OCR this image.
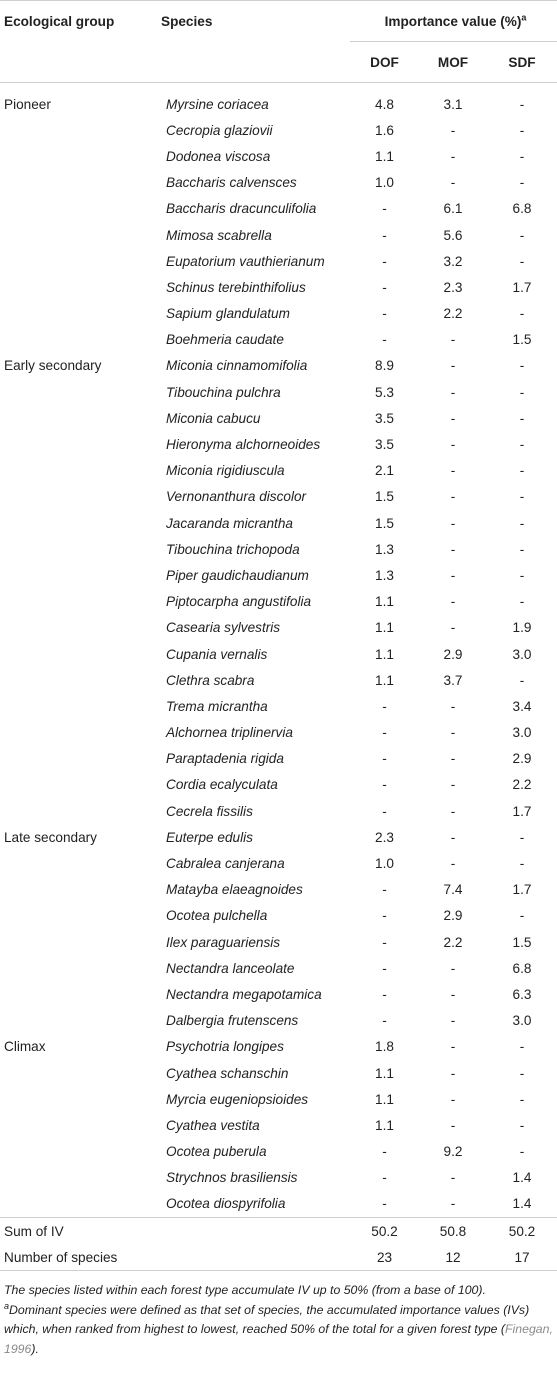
Ecological group	Species	Importance value (%)$^a$
		DOF	MOF	SDF
Pioneer	Myrsine coriacea	4.8	3.1	-
	Cecropia glaziovii	1.6	-	-
	Dodonea viscosa	1.1	-	-
	Baccharis calvensces	1.0	-	-
	Baccharis dracunculifolia	-	6.1	6.8
	Mimosa scabrella	-	5.6	-
	Eupatorium vauthierianum	-	3.2	-
	Schinus terebinthifolius	-	2.3	1.7
	Sapium glandulatum	-	2.2	-
	Boehmeria caudate	-	-	1.5
Early secondary	Miconia cinnamomifolia	8.9	-	-
	Tibouchina pulchra	5.3	-	-
	Miconia cabucu	3.5	-	-
	Hieronyma alchorneoides	3.5	-	-
	Miconia rigidiuscula	2.1	-	-
	Vernonanthura discolor	1.5	-	-
	Jacaranda micrantha	1.5	-	-
	Tibouchina trichopoda	1.3	-	-
	Piper gaudichaudianum	1.3	-	-
	Piptocarpha angustifolia	1.1	-	-
	Casearia sylvestris	1.1	-	1.9
	Cupania vernalis	1.1	2.9	3.0
	Clethra scabra	1.1	3.7	-
	Trema micrantha	-	-	3.4
	Alchornea triplinervia	-	-	3.0
	Paraptadenia rigida	-	-	2.9
	Cordia ecalyculata	-	-	2.2
	Cecrela fissilis	-	-	1.7
Late secondary	Euterpe edulis	2.3	-	-
	Cabralea canjerana	1.0	-	-
	Matayba elaeagnoides	-	7.4	1.7
	Ocotea pulchella	-	2.9	-
	Ilex paraguariensis	-	2.2	1.5
	Nectandra lanceolate	-	-	6.8
	Nectandra megapotamica	-	-	6.3
	Dalbergia frutenscens	-	-	3.0
Climax	Psychotria longipes	1.8	-	-
	Cyathea schanschin	1.1	-	-
	Myrcia eugeniopsioides	1.1	-	-
	Cyathea vestita	1.1	-	-
	Ocotea puberula	-	9.2	-
	Strychnos brasiliensis	-	-	1.4
	Ocotea diospyrifolia	-	-	1.4
Sum of IV		50.2	50.8	50.2
Number of species		23	12	17

The species listed within each forest type accumulate IV up to 50% (from a base of 100).

$^a$Dominant species were defined as that set of species, the accumulated importance values (IVs) which, when ranked from highest to lowest, reached 50% of the total for a given forest type (Finegan, 1996).
